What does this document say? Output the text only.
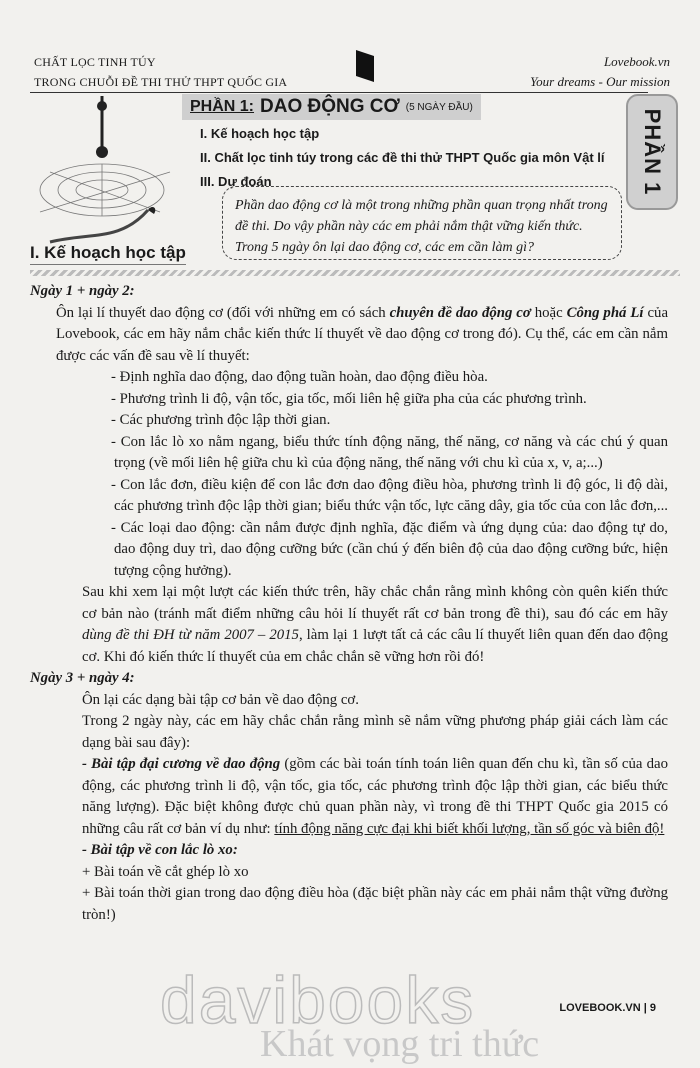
CHẤT LỌC TINH TÚY
TRONG CHUỖI ĐỀ THI THỬ THPT QUỐC GIA
Lovebook.vn
Your dreams - Our mission
PHẦN 1
PHẦN 1: DAO ĐỘNG CƠ (5 NGÀY ĐẦU)
I. Kế hoạch học tập
II. Chất lọc tinh túy trong các đề thi thử THPT Quốc gia môn Vật lí
III. Dự đoán
Phần dao động cơ là một trong những phần quan trọng nhất trong đề thi. Do vậy phần này các em phải nắm thật vững kiến thức. Trong 5 ngày ôn lại dao động cơ, các em cần làm gì?
I. Kế hoạch học tập

Ngày 1 + ngày 2:

Ôn lại lí thuyết dao động cơ (đối với những em có sách chuyên đề dao động cơ hoặc Công phá Lí của Lovebook, các em hãy nắm chắc kiến thức lí thuyết về dao động cơ trong đó). Cụ thể, các em cần nắm được các vấn đề sau về lí thuyết:

- Định nghĩa dao động, dao động tuần hoàn, dao động điều hòa.

- Phương trình li độ, vận tốc, gia tốc, mối liên hệ giữa pha của các phương trình.

- Các phương trình độc lập thời gian.

- Con lắc lò xo nằm ngang, biểu thức tính động năng, thế năng, cơ năng và các chú ý quan trọng (về mối liên hệ giữa chu kì của động năng, thế năng với chu kì của x, v, a;...)

- Con lắc đơn, điều kiện để con lắc đơn dao động điều hòa, phương trình li độ góc, li độ dài, các phương trình độc lập thời gian; biểu thức vận tốc, lực căng dây, gia tốc của con lắc đơn,...

- Các loại dao động: cần nắm được định nghĩa, đặc điểm và ứng dụng của: dao động tự do, dao động duy trì, dao động cưỡng bức (cần chú ý đến biên độ của dao động cưỡng bức, hiện tượng cộng hưởng).

Sau khi xem lại một lượt các kiến thức trên, hãy chắc chắn rằng mình không còn quên kiến thức cơ bản nào (tránh mất điểm những câu hỏi lí thuyết rất cơ bản trong đề thi), sau đó các em hãy dùng đề thi ĐH từ năm 2007 – 2015, làm lại 1 lượt tất cả các câu lí thuyết liên quan đến dao động cơ. Khi đó kiến thức lí thuyết của em chắc chắn sẽ vững hơn rồi đó!

Ngày 3 + ngày 4:

Ôn lại các dạng bài tập cơ bản về dao động cơ.

Trong 2 ngày này, các em hãy chắc chắn rằng mình sẽ nắm vững phương pháp giải cách làm các dạng bài sau đây):

- Bài tập đại cương về dao động (gồm các bài toán tính toán liên quan đến chu kì, tần số của dao động, các phương trình li độ, vận tốc, gia tốc, các phương trình độc lập thời gian, các biểu thức năng lượng). Đặc biệt không được chủ quan phần này, vì trong đề thi THPT Quốc gia 2015 có những câu rất cơ bản ví dụ như: tính động năng cực đại khi biết khối lượng, tần số góc và biên độ!

- Bài tập về con lắc lò xo:

+ Bài toán về cắt ghép lò xo

+ Bài toán thời gian trong dao động điều hòa (đặc biệt phần này các em phải nắm thật vững đường tròn!)

davibooks
Khát vọng tri thức
LOVEBOOK.VN | 9
